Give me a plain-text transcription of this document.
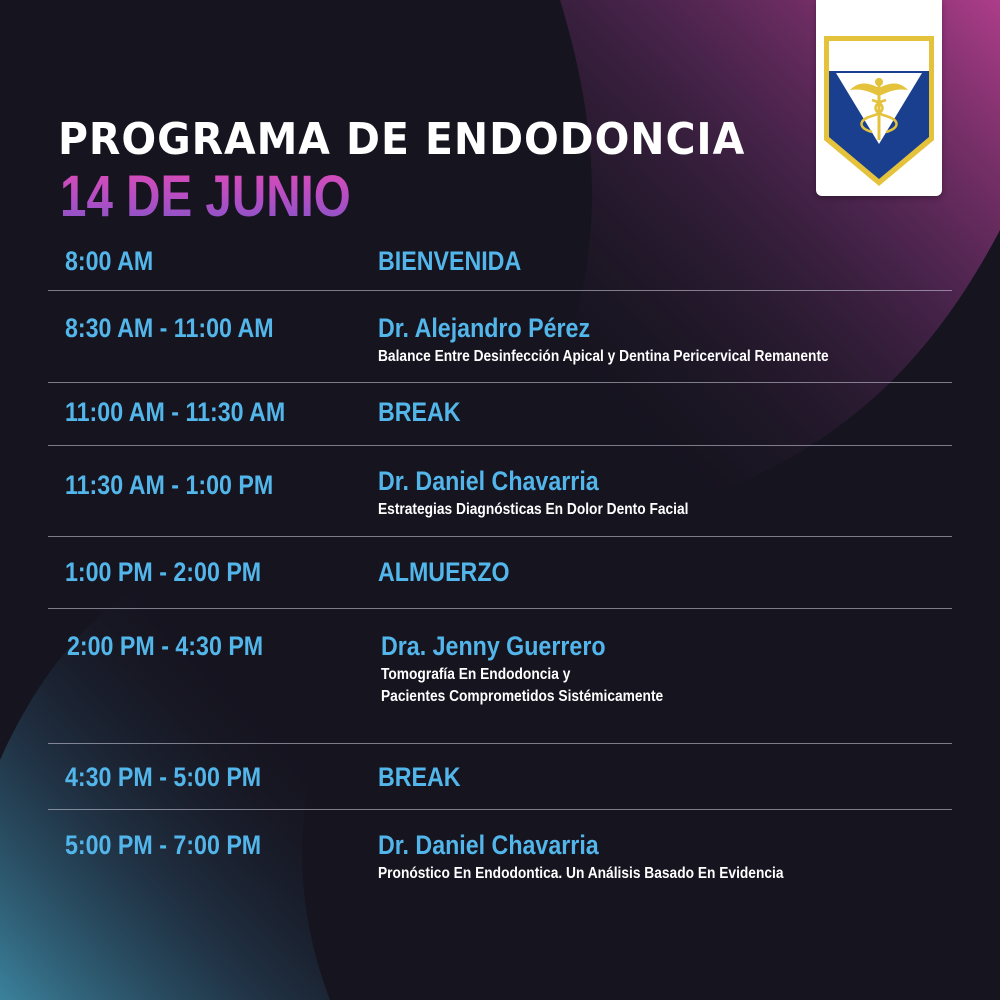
PROGRAMA DE ENDODONCIA
14 DE JUNIO
8:00 AM	BIENVENIDA
8:30 AM - 11:00 AM	Dr. Alejandro Pérez
Balance Entre Desinfección Apical y Dentina Pericervical Remanente
11:00 AM - 11:30 AM	BREAK
11:30 AM - 1:00 PM	Dr. Daniel Chavarria
Estrategias Diagnósticas En Dolor Dento Facial
1:00 PM - 2:00 PM	ALMUERZO
2:00 PM - 4:30 PM	Dra. Jenny Guerrero
Tomografía En Endodoncia y
Pacientes Comprometidos Sistémicamente
4:30 PM - 5:00 PM	BREAK
5:00 PM - 7:00 PM	Dr. Daniel Chavarria
Pronóstico En Endodontica. Un Análisis Basado En Evidencia
